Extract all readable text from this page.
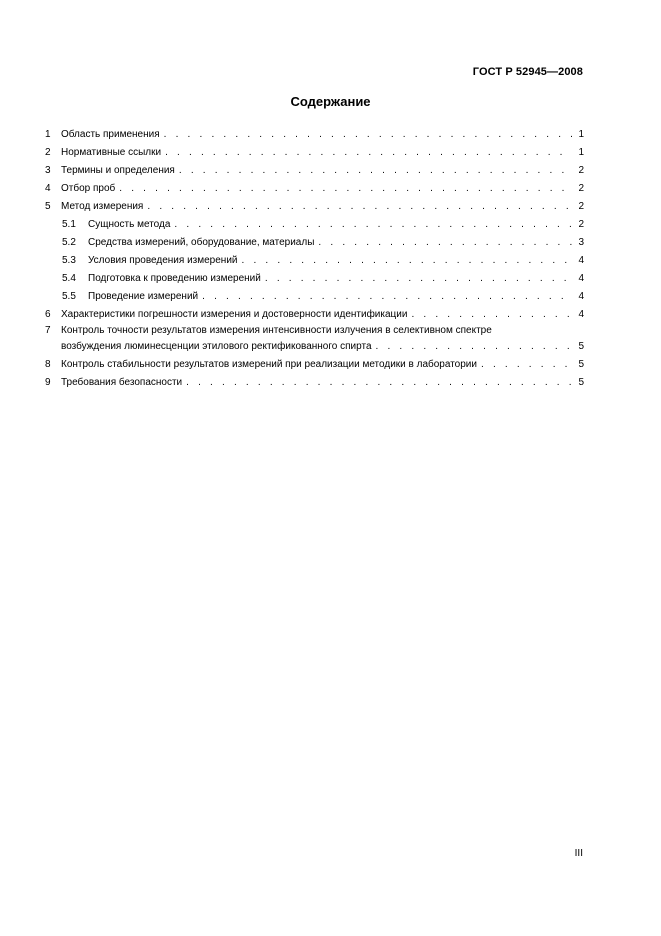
ГОСТ Р 52945—2008
Содержание
1	Область применения . . .	1
2	Нормативные ссылки . . .	1
3	Термины и определения . . .	2
4	Отбор проб . . .	2
5	Метод измерения . . .	2
5.1	Сущность метода . . .	2
5.2	Средства измерений, оборудование, материалы . . .	3
5.3	Условия проведения измерений . . .	4
5.4	Подготовка к проведению измерений . . .	4
5.5	Проведение измерений . . .	4
6	Характеристики погрешности измерения и достоверности идентификации . . .	4
7	Контроль точности результатов измерения интенсивности излучения в селективном спектре
возбуждения люминесценции этилового ректификованного спирта . . .	5
8	Контроль стабильности результатов измерений при реализации методики в лаборатории . . .	5
9	Требования безопасности . . .	5
III
